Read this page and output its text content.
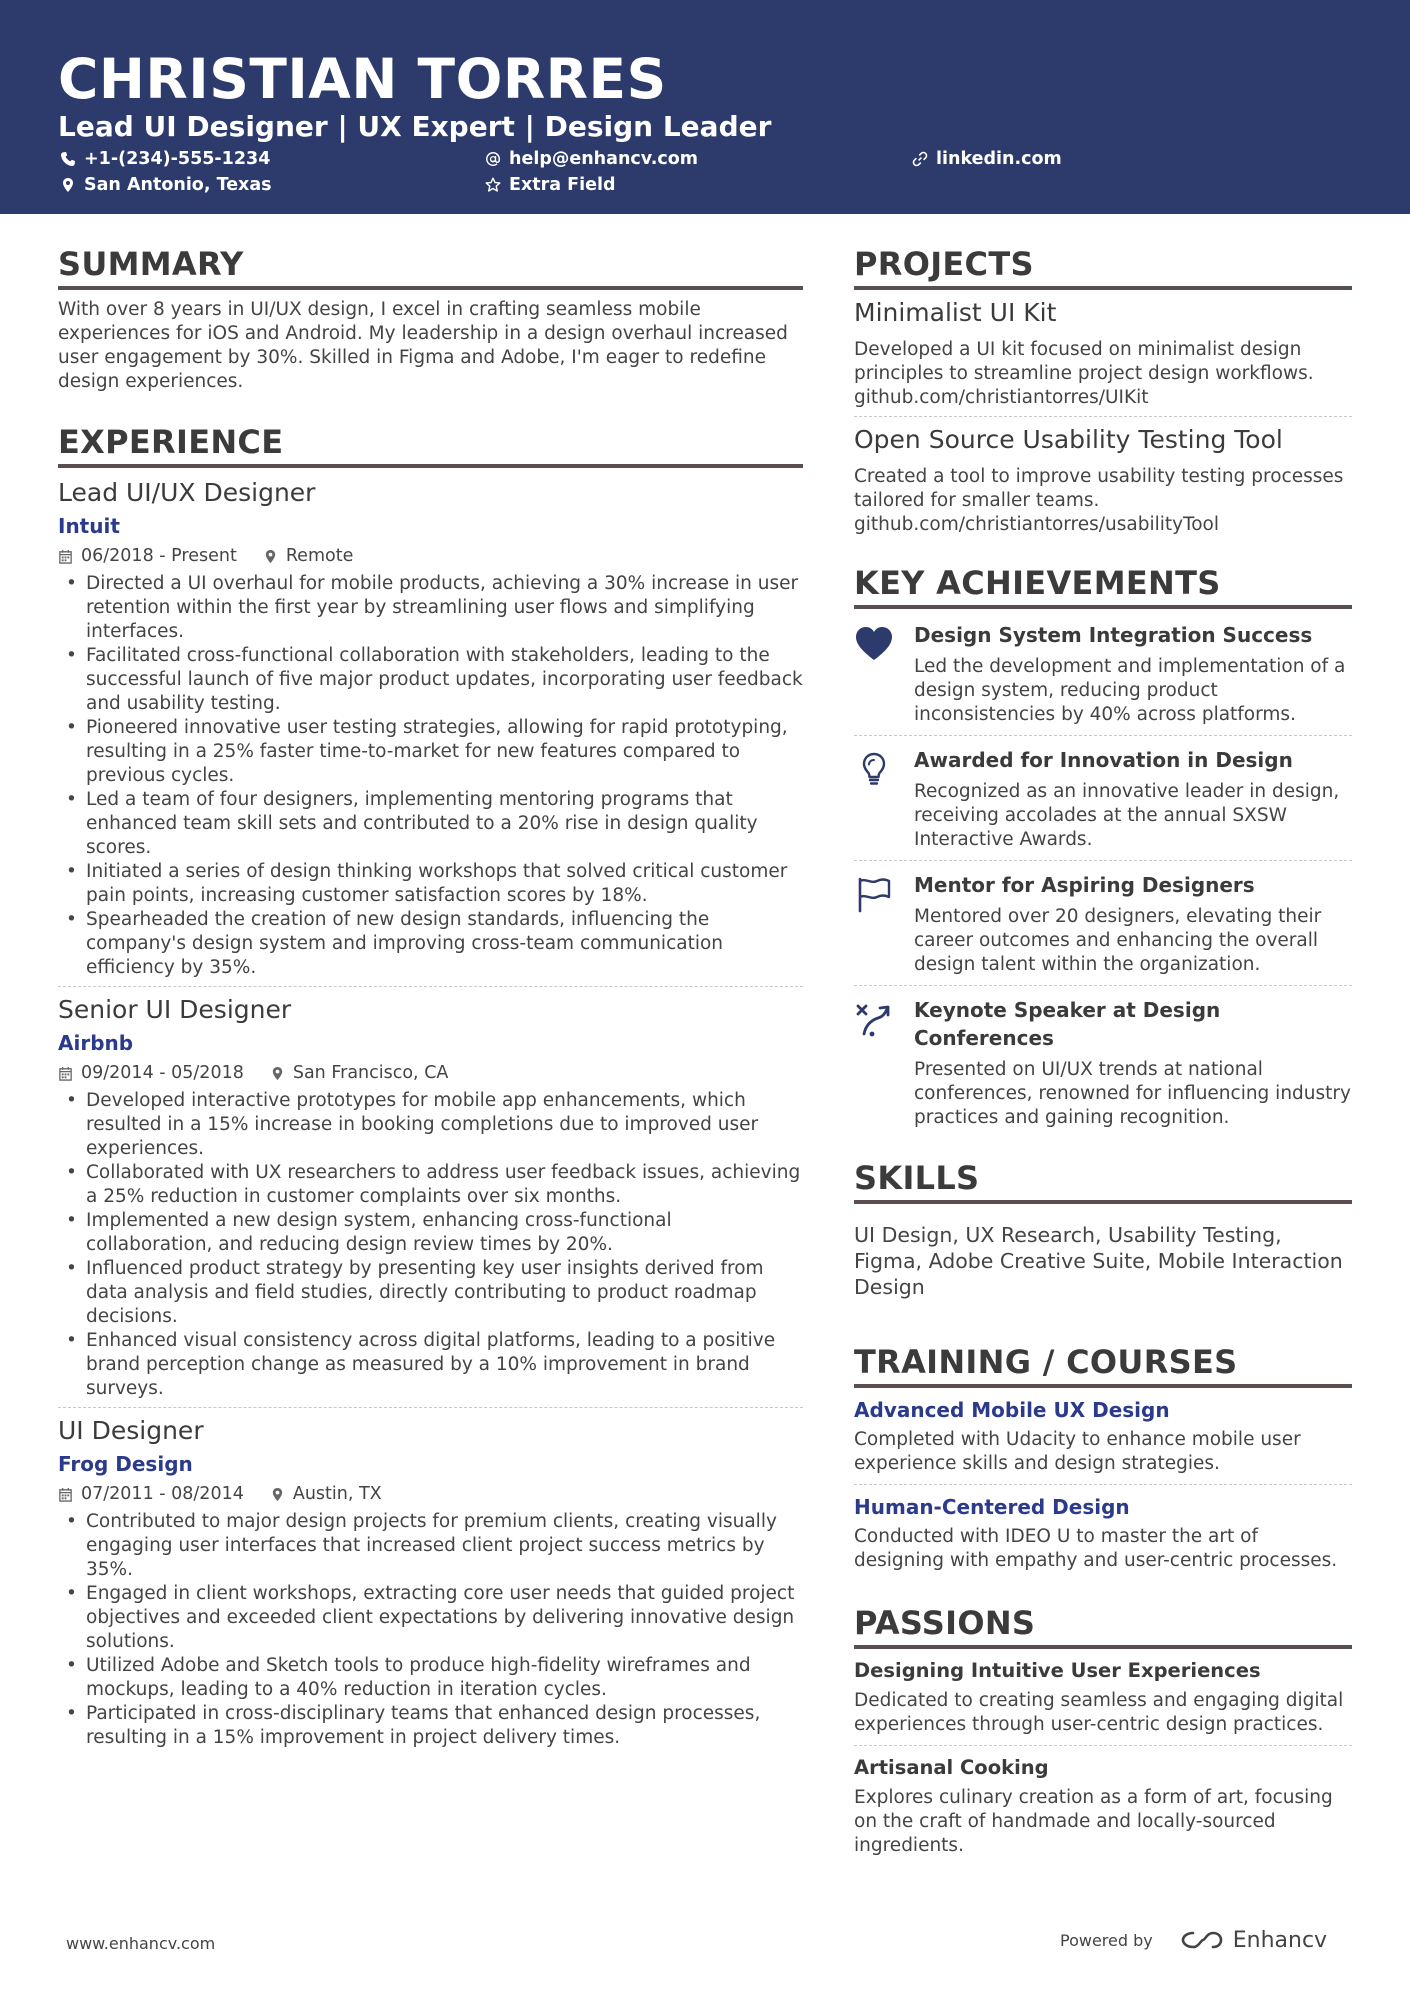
CHRISTIAN TORRES
Lead UI Designer | UX Expert | Design Leader
+1-(234)-555-1234	help@enhancv.com	linkedin.com
San Antonio, Texas	Extra Field
SUMMARY
With over 8 years in UI/UX design, I excel in crafting seamless mobile experiences for iOS and Android. My leadership in a design overhaul increased user engagement by 30%. Skilled in Figma and Adobe, I'm eager to redefine design experiences.
EXPERIENCE
Lead UI/UX Designer
Intuit
06/2018 - Present	Remote
• Directed a UI overhaul for mobile products, achieving a 30% increase in user retention within the first year by streamlining user flows and simplifying interfaces.
• Facilitated cross-functional collaboration with stakeholders, leading to the successful launch of five major product updates, incorporating user feedback and usability testing.
• Pioneered innovative user testing strategies, allowing for rapid prototyping, resulting in a 25% faster time-to-market for new features compared to previous cycles.
• Led a team of four designers, implementing mentoring programs that enhanced team skill sets and contributed to a 20% rise in design quality scores.
• Initiated a series of design thinking workshops that solved critical customer pain points, increasing customer satisfaction scores by 18%.
• Spearheaded the creation of new design standards, influencing the company's design system and improving cross-team communication efficiency by 35%.
Senior UI Designer
Airbnb
09/2014 - 05/2018	San Francisco, CA
• Developed interactive prototypes for mobile app enhancements, which resulted in a 15% increase in booking completions due to improved user experiences.
• Collaborated with UX researchers to address user feedback issues, achieving a 25% reduction in customer complaints over six months.
• Implemented a new design system, enhancing cross-functional collaboration, and reducing design review times by 20%.
• Influenced product strategy by presenting key user insights derived from data analysis and field studies, directly contributing to product roadmap decisions.
• Enhanced visual consistency across digital platforms, leading to a positive brand perception change as measured by a 10% improvement in brand surveys.
UI Designer
Frog Design
07/2011 - 08/2014	Austin, TX
• Contributed to major design projects for premium clients, creating visually engaging user interfaces that increased client project success metrics by 35%.
• Engaged in client workshops, extracting core user needs that guided project objectives and exceeded client expectations by delivering innovative design solutions.
• Utilized Adobe and Sketch tools to produce high-fidelity wireframes and mockups, leading to a 40% reduction in iteration cycles.
• Participated in cross-disciplinary teams that enhanced design processes, resulting in a 15% improvement in project delivery times.
PROJECTS
Minimalist UI Kit
Developed a UI kit focused on minimalist design principles to streamline project design workflows.
github.com/christiantorres/UIKit
Open Source Usability Testing Tool
Created a tool to improve usability testing processes tailored for smaller teams.
github.com/christiantorres/usabilityTool
KEY ACHIEVEMENTS
Design System Integration Success
Led the development and implementation of a design system, reducing product inconsistencies by 40% across platforms.
Awarded for Innovation in Design
Recognized as an innovative leader in design, receiving accolades at the annual SXSW Interactive Awards.
Mentor for Aspiring Designers
Mentored over 20 designers, elevating their career outcomes and enhancing the overall design talent within the organization.
Keynote Speaker at Design Conferences
Presented on UI/UX trends at national conferences, renowned for influencing industry practices and gaining recognition.
SKILLS
UI Design, UX Research, Usability Testing, Figma, Adobe Creative Suite, Mobile Interaction Design
TRAINING / COURSES
Advanced Mobile UX Design
Completed with Udacity to enhance mobile user experience skills and design strategies.
Human-Centered Design
Conducted with IDEO U to master the art of designing with empathy and user-centric processes.
PASSIONS
Designing Intuitive User Experiences
Dedicated to creating seamless and engaging digital experiences through user-centric design practices.
Artisanal Cooking
Explores culinary creation as a form of art, focusing on the craft of handmade and locally-sourced ingredients.
www.enhancv.com	Powered by	Enhancv
